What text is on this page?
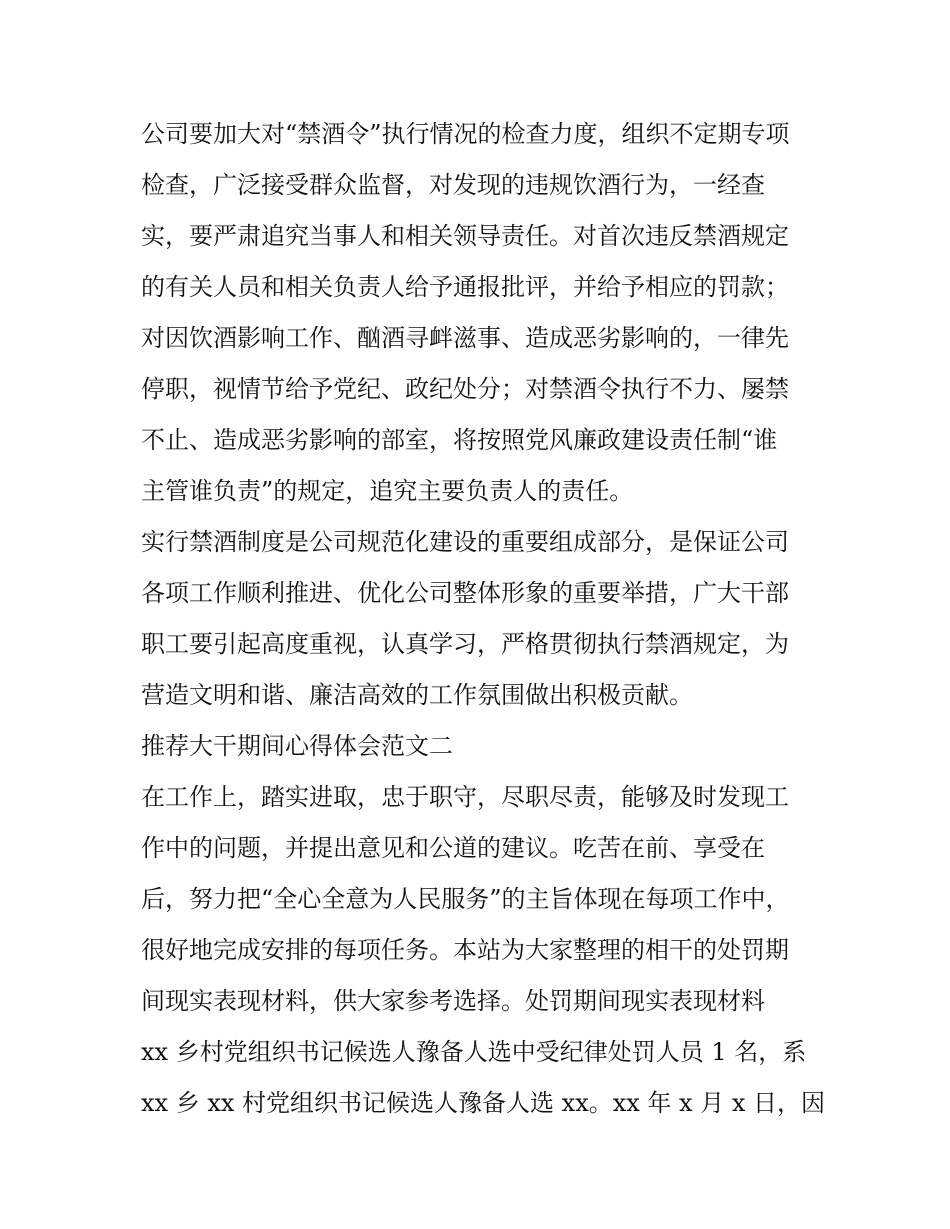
公司要加大对“禁酒令”执行情况的检查力度，组织不定期专项
检查，广泛接受群众监督，对发现的违规饮酒行为，一经查
实，要严肃追究当事人和相关领导责任。对首次违反禁酒规定
的有关人员和相关负责人给予通报批评，并给予相应的罚款；
对因饮酒影响工作、酗酒寻衅滋事、造成恶劣影响的，一律先
停职，视情节给予党纪、政纪处分；对禁酒令执行不力、屡禁
不止、造成恶劣影响的部室，将按照党风廉政建设责任制“谁
主管谁负责”的规定，追究主要负责人的责任。
实行禁酒制度是公司规范化建设的重要组成部分，是保证公司
各项工作顺利推进、优化公司整体形象的重要举措，广大干部
职工要引起高度重视，认真学习，严格贯彻执行禁酒规定，为
营造文明和谐、廉洁高效的工作氛围做出积极贡献。
推荐大干期间心得体会范文二
在工作上，踏实进取，忠于职守，尽职尽责，能够及时发现工
作中的问题，并提出意见和公道的建议。吃苦在前、享受在
后，努力把“全心全意为人民服务”的主旨体现在每项工作中，
很好地完成安排的每项任务。本站为大家整理的相干的处罚期
间现实表现材料，供大家参考选择。处罚期间现实表现材料
xx 乡村党组织书记候选人豫备人选中受纪律处罚人员 1 名，系
xx 乡 xx 村党组织书记候选人豫备人选 xx。xx 年 x 月 x 日，因
